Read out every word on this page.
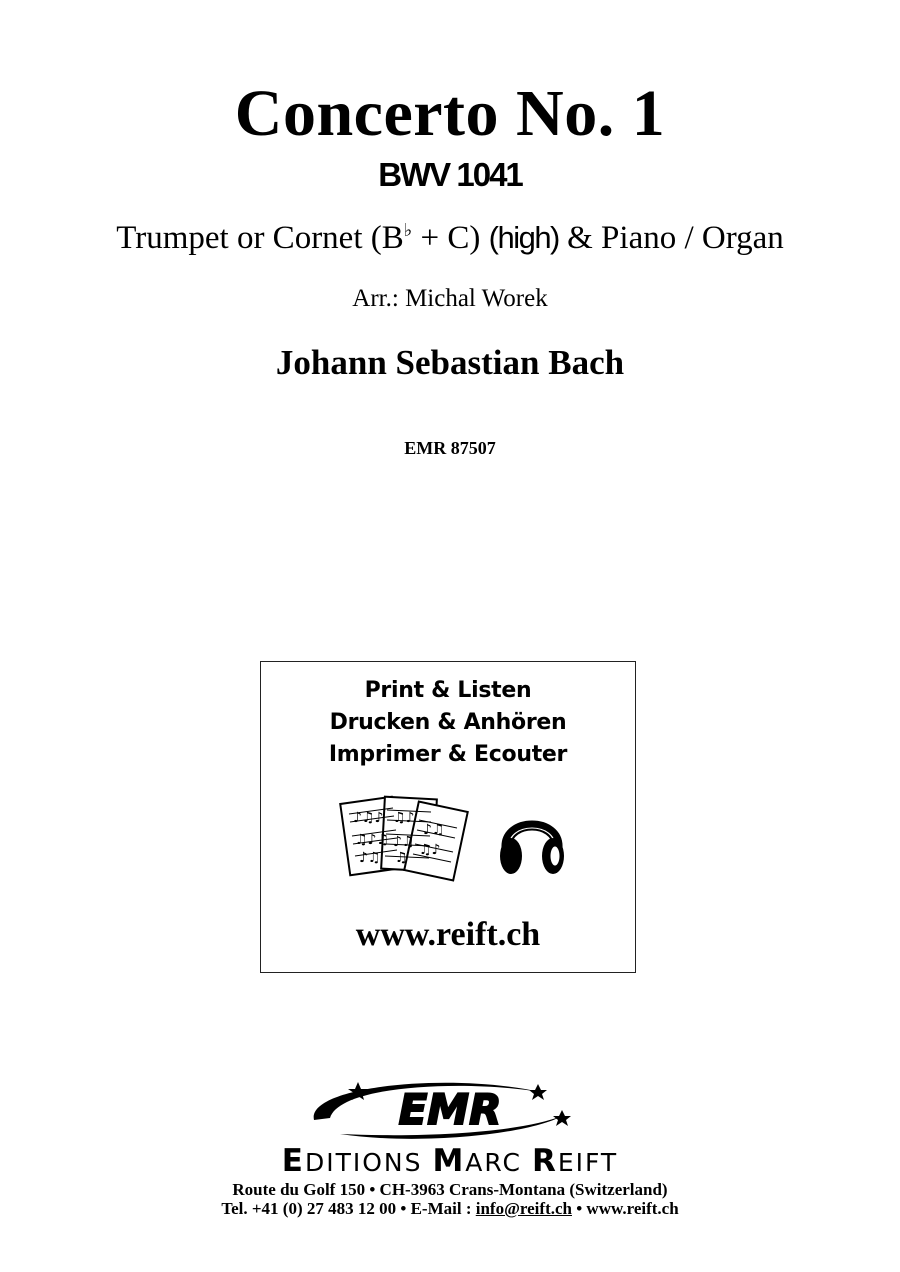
Concerto No. 1
BWV 1041
Trumpet or Cornet (B♭ + C) (high) & Piano / Organ
Arr.: Michal Worek
Johann Sebastian Bach
EMR 87507
Print & Listen
Drucken & Anhören
Imprimer & Ecouter
♪♫♪
♫♪♫
♪♫
♫♪
♪♫
♫
♪♫
♫♪
www.reift.ch
EMR
EDITIONS MARC REIFT
Route du Golf 150 • CH-3963 Crans-Montana (Switzerland)
Tel. +41 (0) 27 483 12 00 • E-Mail : info@reift.ch • www.reift.ch
